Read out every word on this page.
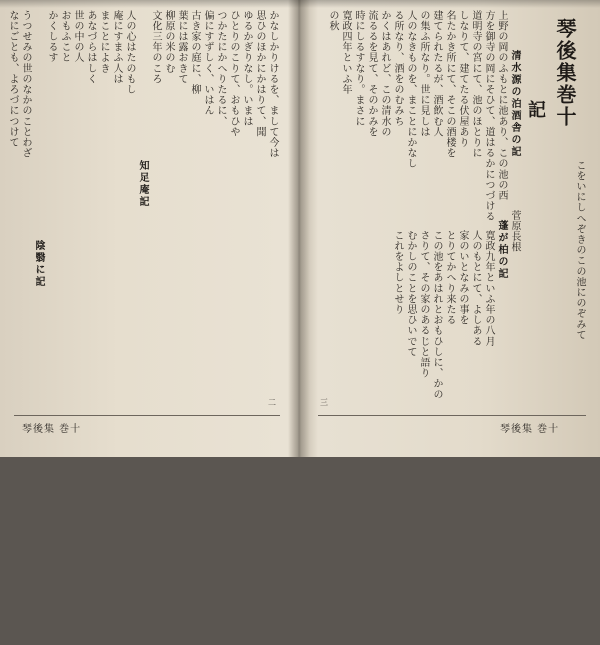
かなしかりけるを、まして今は
思ひのほかにかはりて、聞
ゆるかぎりなし。いまは
ひとりのこりて、おもひや
つかたにかへりたるに、
偏にすずしく、いはん
古き家の庭に、柳
葉には露おきて
柳原の米のむ
文化三年のころ
知足庵記
人の心はたのもし
庵にすまふ人は
まことによき
あなづらはしく
世の中の人
おもふこと
かくしるす
陰翳に記
うつせみの世のなかのことわざ
なにごとも、よろづにつけて
二
琴後集 巻十
琴後集巻十
記
清水源の泊酒舎の記
上野の岡のふもとに池あり、この池の西
方を御寺の岡にそひて、道はるかにつづける
道明寺の宮にて、池のほとりに
しなりて、建てたる伏屋あり
名たかき所にて、そこの酒楼を
建てられたるが、酒飲む人
の集ふ所なり。世に見しは
人のなきものを、まことにかなし
る所なり、酒をのむみち
かくはあれど、この清水の
流るるを見て、そのかみを
時にしるすなり。まさに
寛政四年といふ年
の秋
菅原長根
蓬が柏の記
寛政九年といふ年の八月
人のもとにて、よしある
家のいとなみの事を
とりてかへり来たる	こをいにしへぞきのこの池にのぞみて
この池をあはれとおもひしに、かの
さりて、その家のあるじと語り
むかしのことを思ひいでて
これをよしとせり
三
琴後集 巻十
